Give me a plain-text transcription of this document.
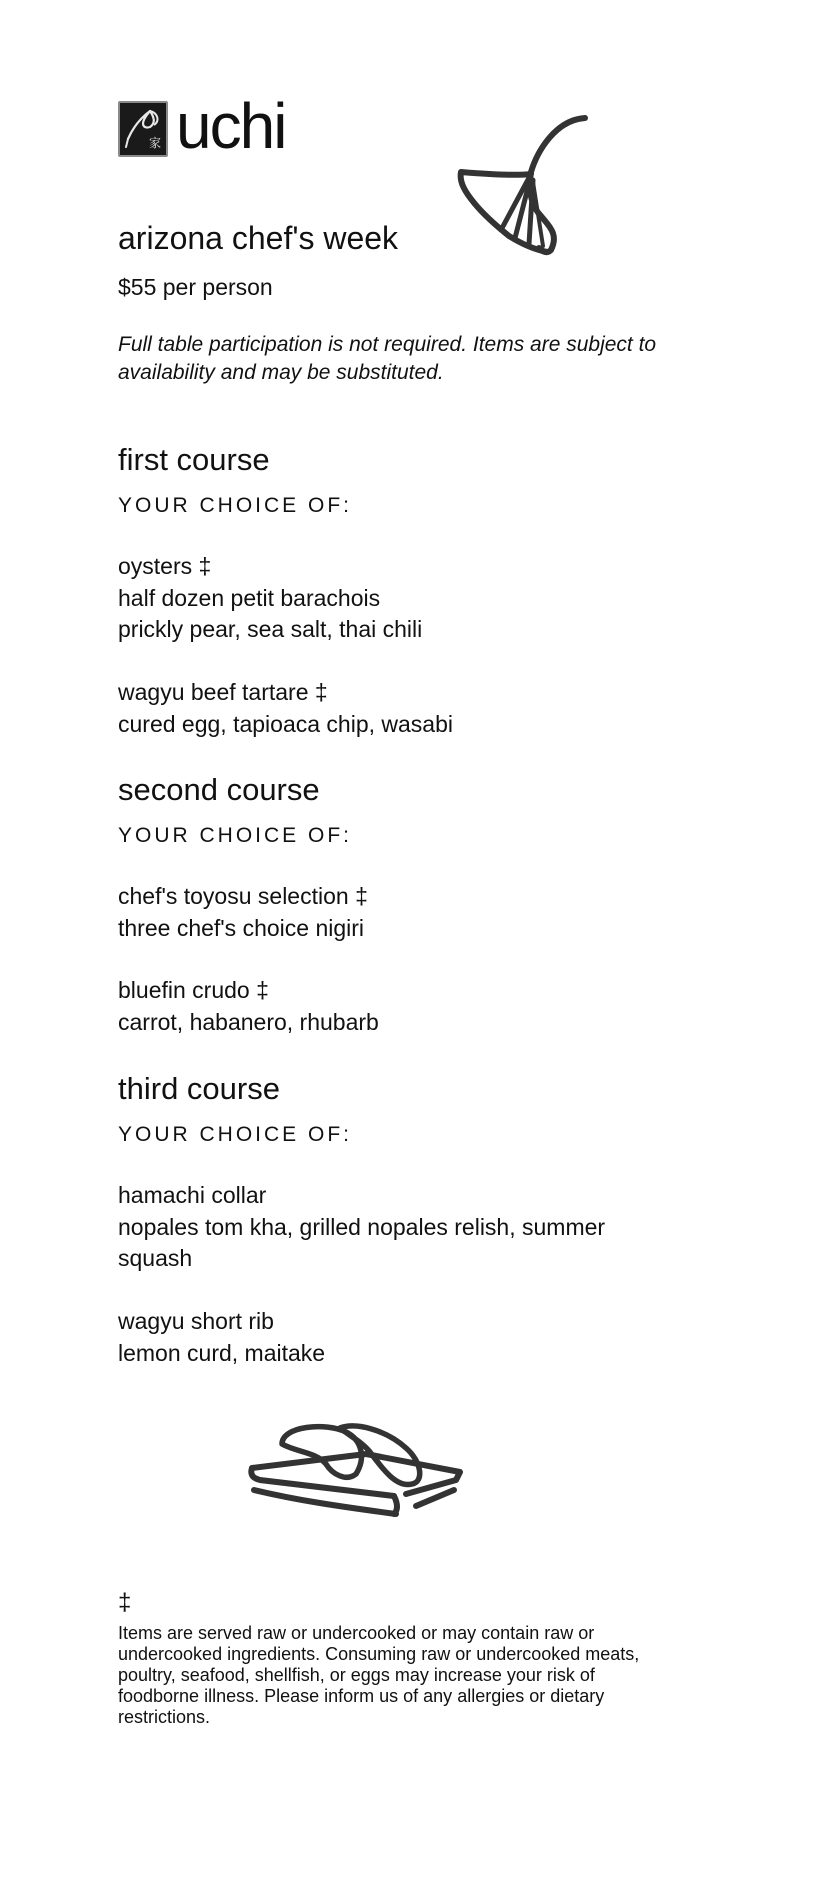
家 uchi
arizona chef's week
$55 per person
Full table participation is not required. Items are subject to availability and may be substituted.
first course
YOUR CHOICE OF:
oysters ‡
half dozen petit barachois
prickly pear, sea salt, thai chili
wagyu beef tartare ‡
cured egg, tapioaca chip, wasabi
second course
YOUR CHOICE OF:
chef's toyosu selection ‡
three chef's choice nigiri
bluefin crudo ‡
carrot, habanero, rhubarb
third course
YOUR CHOICE OF:
hamachi collar
nopales tom kha, grilled nopales relish, summer squash
wagyu short rib
lemon curd, maitake
‡
Items are served raw or undercooked or may contain raw or undercooked ingredients. Consuming raw or undercooked meats, poultry, seafood, shellfish, or eggs may increase your risk of foodborne illness. Please inform us of any allergies or dietary restrictions.
